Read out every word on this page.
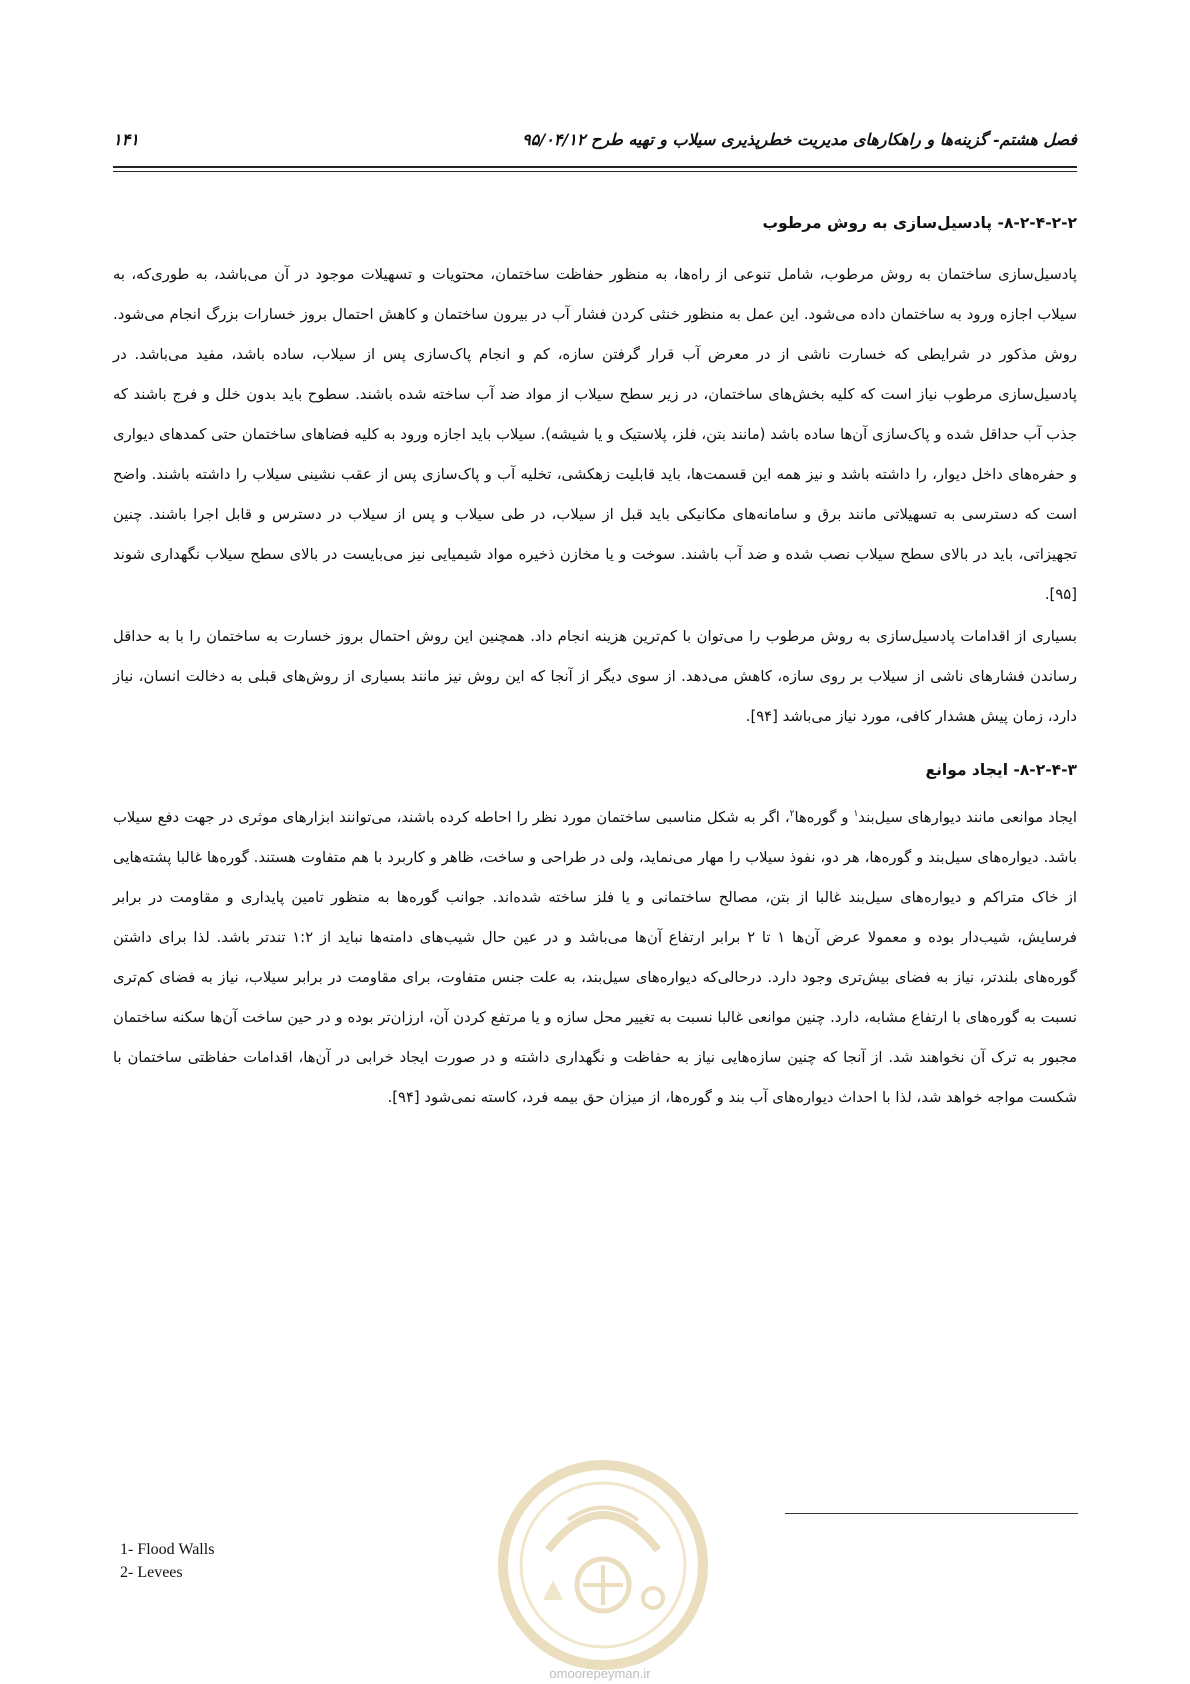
فصل هشتم- گزینه‌ها و راهکارهای مدیریت خطرپذیری سیلاب و تهیه طرح ۹۵/۰۴/۱۲
۱۴۱
۸-۲-۴-۲-۲- پادسیل‌سازی به روش مرطوب

پادسیل‌سازی ساختمان به روش مرطوب، شامل تنوعی از راه‌ها، به منظور حفاظت ساختمان، محتویات و تسهیلات موجود در آن می‌باشد، به طوری‌که، به سیلاب اجازه ورود به ساختمان داده می‌شود. این عمل به منظور خنثی کردن فشار آب در بیرون ساختمان و کاهش احتمال بروز خسارات بزرگ انجام می‌شود. روش مذکور در شرایطی که خسارت ناشی از در معرض آب قرار گرفتن سازه، کم و انجام پاک‌سازی پس از سیلاب، ساده باشد، مفید می‌باشد. در پادسیل‌سازی مرطوب نیاز است که کلیه بخش‌های ساختمان، در زیر سطح سیلاب از مواد ضد آب ساخته شده باشند. سطوح باید بدون خلل و فرج باشند که جذب آب حداقل شده و پاک‌سازی آن‌ها ساده باشد (مانند بتن، فلز، پلاستیک و یا شیشه). سیلاب باید اجازه ورود به کلیه فضاهای ساختمان حتی کمدهای دیواری و حفره‌های داخل دیوار، را داشته باشد و نیز همه این قسمت‌ها، باید قابلیت زهکشی، تخلیه آب و پاک‌سازی پس از عقب نشینی سیلاب را داشته باشند. واضح است که دسترسی به تسهیلاتی مانند برق و سامانه‌های مکانیکی باید قبل از سیلاب، در طی سیلاب و پس از سیلاب در دسترس و قابل اجرا باشند. چنین تجهیزاتی، باید در بالای سطح سیلاب نصب شده و ضد آب باشند. سوخت و یا مخازن ذخیره مواد شیمیایی نیز می‌بایست در بالای سطح سیلاب نگهداری شوند [۹۵].

بسیاری از اقدامات پادسیل‌سازی به روش مرطوب را می‌توان با کم‌ترین هزینه انجام داد. همچنین این روش احتمال بروز خسارت به ساختمان را با به حداقل رساندن فشارهای ناشی از سیلاب بر روی سازه، کاهش می‌دهد. از سوی دیگر از آنجا که این روش نیز مانند بسیاری از روش‌های قبلی به دخالت انسان، نیاز دارد، زمان پیش هشدار کافی، مورد نیاز می‌باشد [۹۴].

۸-۲-۴-۳- ایجاد موانع

ایجاد موانعی مانند دیوارهای سیل‌بند$^۱$ و گوره‌ها$^۲$، اگر به شکل مناسبی ساختمان مورد نظر را احاطه کرده باشند، می‌توانند ابزارهای موثری در جهت دفع سیلاب باشد. دیواره‌های سیل‌بند و گوره‌ها، هر دو، نفوذ سیلاب را مهار می‌نماید، ولی در طراحی و ساخت، ظاهر و کاربرد با هم متفاوت هستند. گوره‌ها غالبا پشته‌هایی از خاک متراکم و دیواره‌های سیل‌بند غالبا از بتن، مصالح ساختمانی و یا فلز ساخته شده‌اند. جوانب گوره‌ها به منظور تامین پایداری و مقاومت در برابر فرسایش، شیب‌دار بوده و معمولا عرض آن‌ها ۱ تا ۲ برابر ارتفاع آن‌ها می‌باشد و در عین حال شیب‌های دامنه‌ها نباید از ۱:۲ تندتر باشد. لذا برای داشتن گوره‌های بلندتر، نیاز به فضای بیش‌تری وجود دارد. درحالی‌که دیواره‌های سیل‌بند، به علت جنس متفاوت، برای مقاومت در برابر سیلاب، نیاز به فضای کم‌تری نسبت به گوره‌های با ارتفاع مشابه، دارد. چنین موانعی غالبا نسبت به تغییر محل سازه و یا مرتفع کردن آن، ارزان‌تر بوده و در حین ساخت آن‌ها سکنه ساختمان مجبور به ترک آن نخواهند شد. از آنجا که چنین سازه‌هایی نیاز به حفاظت و نگهداری داشته و در صورت ایجاد خرابی در آن‌ها، اقدامات حفاظتی ساختمان با شکست مواجه خواهد شد، لذا با احداث دیواره‌های آب بند و گوره‌ها، از میزان حق بیمه فرد، کاسته نمی‌شود [۹۴].

1- Flood Walls
2- Levees
omoorepeyman.ir
